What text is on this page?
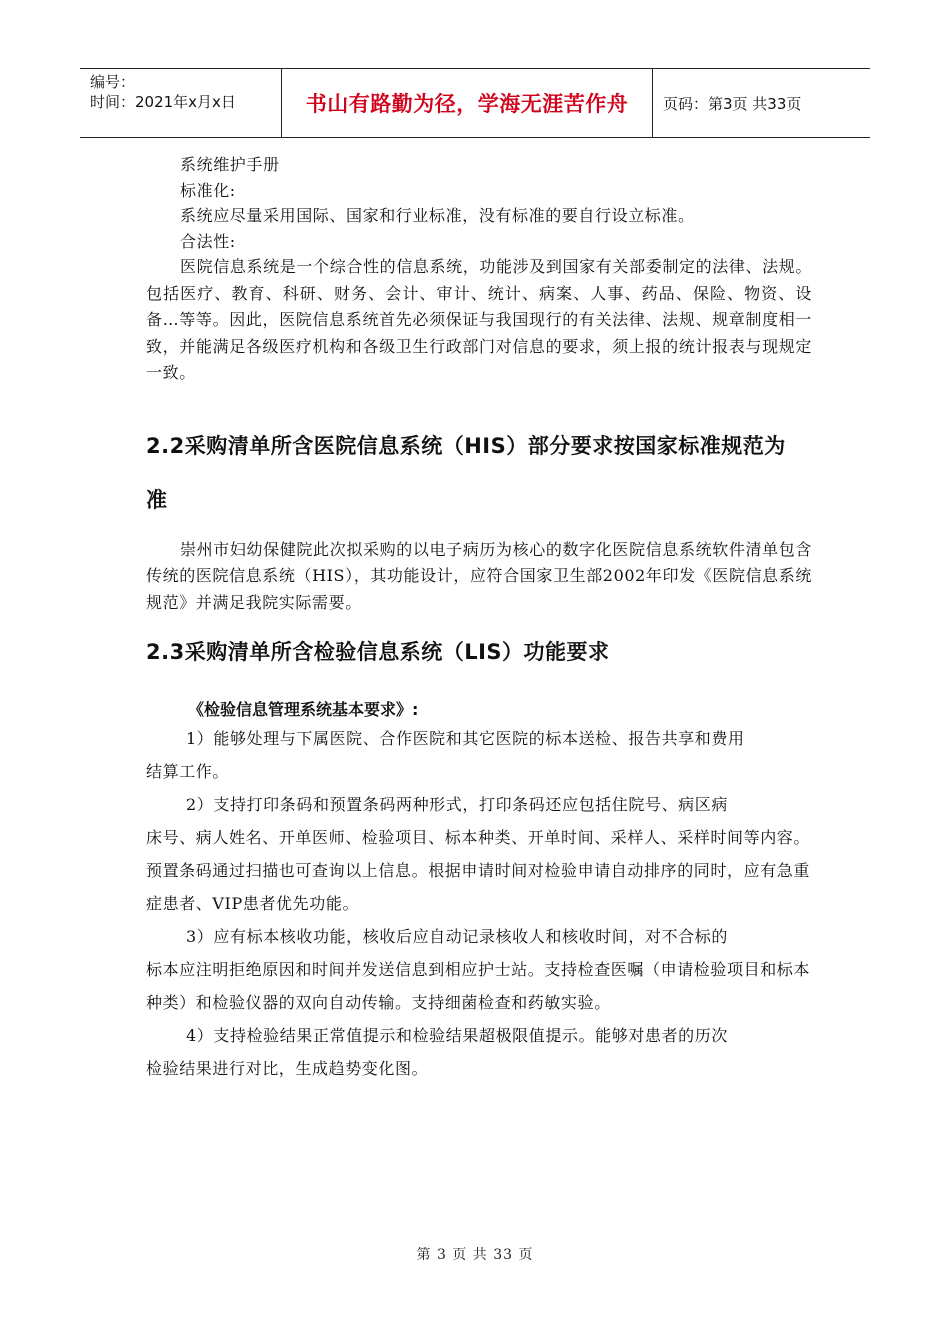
编号：
时间：2021年x月x日	书山有路勤为径，学海无涯苦作舟	页码：第3页 共33页

系统维护手册

标准化:

系统应尽量采用国际、国家和行业标准，没有标准的要自行设立标准。

合法性:

医院信息系统是一个综合性的信息系统，功能涉及到国家有关部委制定的法律、法规。包括医疗、教育、科研、财务、会计、审计、统计、病案、人事、药品、保险、物资、设备…等等。因此，医院信息系统首先必须保证与我国现行的有关法律、法规、规章制度相一致，并能满足各级医疗机构和各级卫生行政部门对信息的要求，须上报的统计报表与现规定一致。

2.2采购清单所含医院信息系统（HIS）部分要求按国家标准规范为
准

崇州市妇幼保健院此次拟采购的以电子病历为核心的数字化医院信息系统软件清单包含传统的医院信息系统（HIS），其功能设计，应符合国家卫生部2002年印发《医院信息系统规范》并满足我院实际需要。

2.3采购清单所含检验信息系统（LIS）功能要求

《检验信息管理系统基本要求》:

1）能够处理与下属医院、合作医院和其它医院的标本送检、报告共享和费用

结算工作。

2）支持打印条码和预置条码两种形式，打印条码还应包括住院号、病区病

床号、病人姓名、开单医师、检验项目、标本种类、开单时间、采样人、采样时间等内容。预置条码通过扫描也可查询以上信息。根据申请时间对检验申请自动排序的同时，应有急重症患者、VIP患者优先功能。

3）应有标本核收功能，核收后应自动记录核收人和核收时间，对不合标的

标本应注明拒绝原因和时间并发送信息到相应护士站。支持检查医嘱（申请检验项目和标本种类）和检验仪器的双向自动传输。支持细菌检查和药敏实验。

4）支持检验结果正常值提示和检验结果超极限值提示。能够对患者的历次

检验结果进行对比，生成趋势变化图。

第 3 页 共 33 页
